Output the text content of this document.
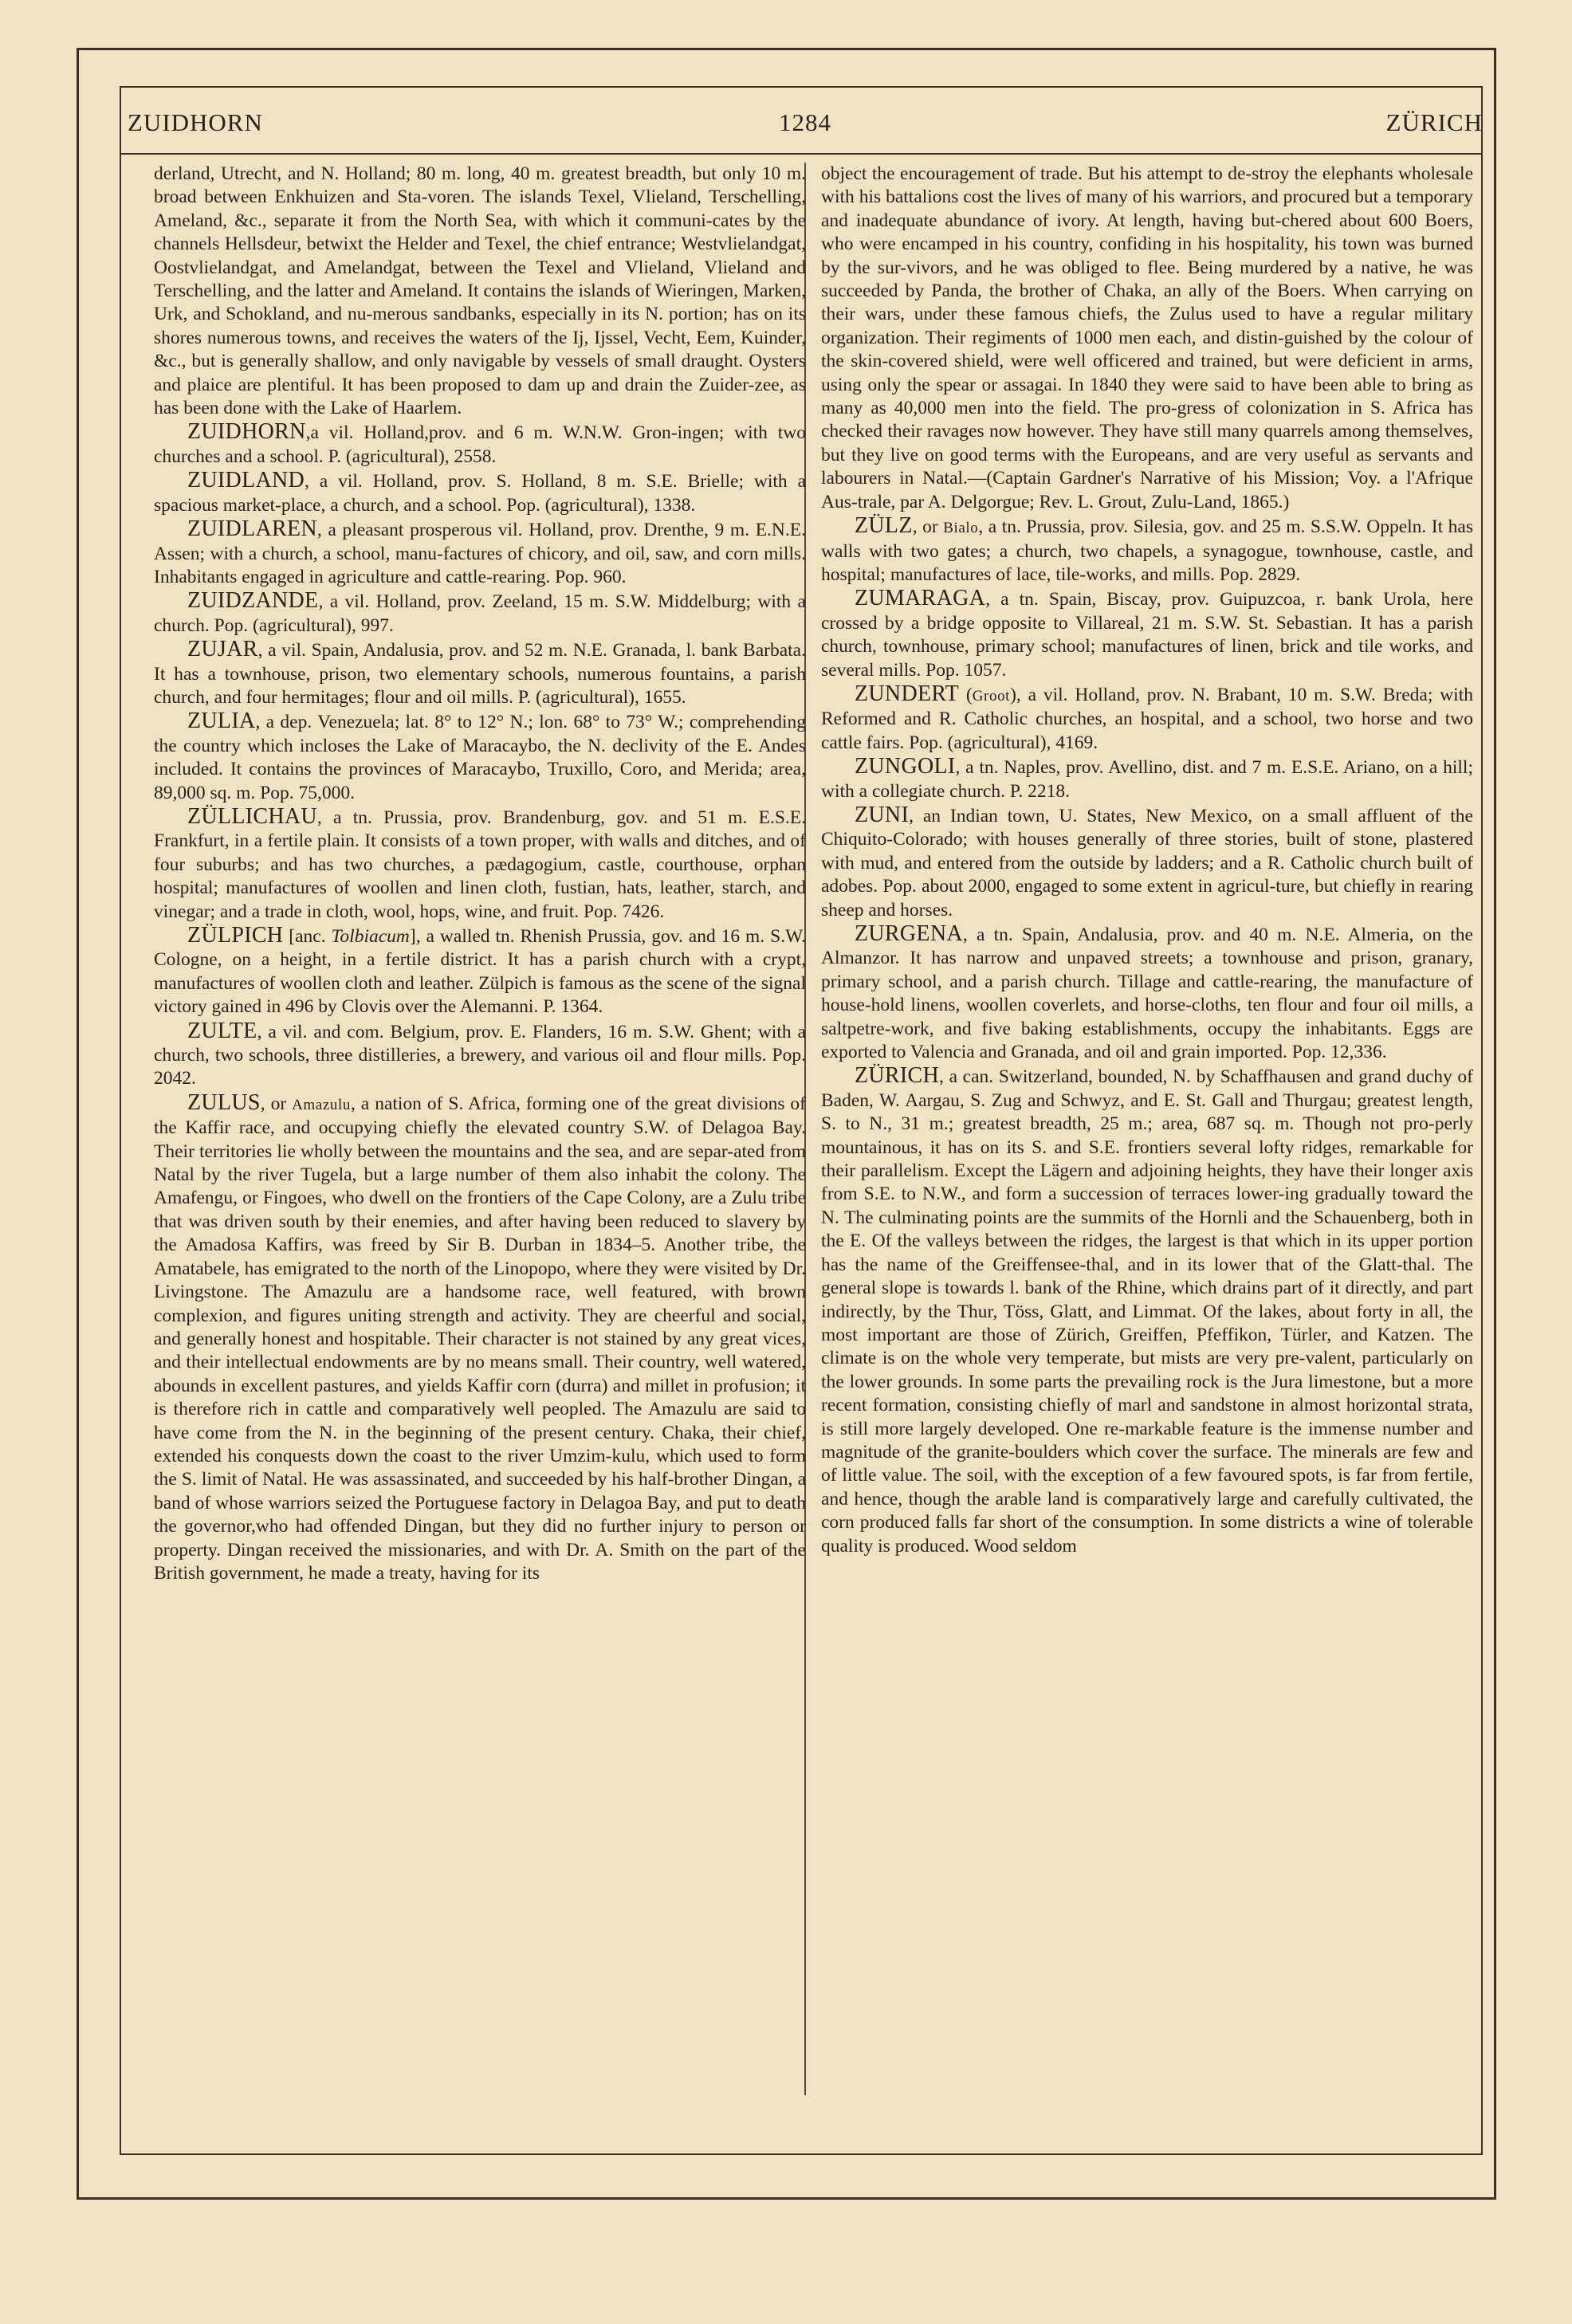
ZUIDHORN	1284	ZÜRICH

derland, Utrecht, and N. Holland; 80 m. long, 40 m. greatest breadth, but only 10 m. broad between Enkhuizen and Sta-voren. The islands Texel, Vlieland, Terschelling, Ameland, &c., separate it from the North Sea, with which it communi-cates by the channels Hellsdeur, betwixt the Helder and Texel, the chief entrance; Westvlielandgat, Oostvlielandgat, and Amelandgat, between the Texel and Vlieland, Vlieland and Terschelling, and the latter and Ameland. It contains the islands of Wieringen, Marken, Urk, and Schokland, and nu-merous sandbanks, especially in its N. portion; has on its shores numerous towns, and receives the waters of the Ij, Ijssel, Vecht, Eem, Kuinder, &c., but is generally shallow, and only navigable by vessels of small draught. Oysters and plaice are plentiful. It has been proposed to dam up and drain the Zuider-zee, as has been done with the Lake of Haarlem.

ZUIDHORN,a vil. Holland,prov. and 6 m. W.N.W. Gron-ingen; with two churches and a school. P. (agricultural), 2558.

ZUIDLAND, a vil. Holland, prov. S. Holland, 8 m. S.E. Brielle; with a spacious market-place, a church, and a school. Pop. (agricultural), 1338.

ZUIDLAREN, a pleasant prosperous vil. Holland, prov. Drenthe, 9 m. E.N.E. Assen; with a church, a school, manu-factures of chicory, and oil, saw, and corn mills. Inhabitants engaged in agriculture and cattle-rearing. Pop. 960.

ZUIDZANDE, a vil. Holland, prov. Zeeland, 15 m. S.W. Middelburg; with a church. Pop. (agricultural), 997.

ZUJAR, a vil. Spain, Andalusia, prov. and 52 m. N.E. Granada, l. bank Barbata. It has a townhouse, prison, two elementary schools, numerous fountains, a parish church, and four hermitages; flour and oil mills. P. (agricultural), 1655.

ZULIA, a dep. Venezuela; lat. 8° to 12° N.; lon. 68° to 73° W.; comprehending the country which incloses the Lake of Maracaybo, the N. declivity of the E. Andes included. It contains the provinces of Maracaybo, Truxillo, Coro, and Merida; area, 89,000 sq. m. Pop. 75,000.

ZÜLLICHAU, a tn. Prussia, prov. Brandenburg, gov. and 51 m. E.S.E. Frankfurt, in a fertile plain. It consists of a town proper, with walls and ditches, and of four suburbs; and has two churches, a pædagogium, castle, courthouse, orphan hospital; manufactures of woollen and linen cloth, fustian, hats, leather, starch, and vinegar; and a trade in cloth, wool, hops, wine, and fruit. Pop. 7426.

ZÜLPICH [anc. Tolbiacum], a walled tn. Rhenish Prussia, gov. and 16 m. S.W. Cologne, on a height, in a fertile district. It has a parish church with a crypt, manufactures of woollen cloth and leather. Zülpich is famous as the scene of the signal victory gained in 496 by Clovis over the Alemanni. P. 1364.

ZULTE, a vil. and com. Belgium, prov. E. Flanders, 16 m. S.W. Ghent; with a church, two schools, three distilleries, a brewery, and various oil and flour mills. Pop. 2042.

ZULUS, or Amazulu, a nation of S. Africa, forming one of the great divisions of the Kaffir race, and occupying chiefly the elevated country S.W. of Delagoa Bay. Their territories lie wholly between the mountains and the sea, and are separ-ated from Natal by the river Tugela, but a large number of them also inhabit the colony. The Amafengu, or Fingoes, who dwell on the frontiers of the Cape Colony, are a Zulu tribe that was driven south by their enemies, and after having been reduced to slavery by the Amadosa Kaffirs, was freed by Sir B. Durban in 1834–5. Another tribe, the Amatabele, has emigrated to the north of the Linopopo, where they were visited by Dr. Livingstone. The Amazulu are a handsome race, well featured, with brown complexion, and figures uniting strength and activity. They are cheerful and social, and generally honest and hospitable. Their character is not stained by any great vices, and their intellectual endowments are by no means small. Their country, well watered, abounds in excellent pastures, and yields Kaffir corn (durra) and millet in profusion; it is therefore rich in cattle and comparatively well peopled. The Amazulu are said to have come from the N. in the beginning of the present century. Chaka, their chief, extended his conquests down the coast to the river Umzim-kulu, which used to form the S. limit of Natal. He was assassinated, and succeeded by his half-brother Dingan, a band of whose warriors seized the Portuguese factory in Delagoa Bay, and put to death the governor,who had offended Dingan, but they did no further injury to person or property. Dingan received the missionaries, and with Dr. A. Smith on the part of the British government, he made a treaty, having for its

object the encouragement of trade. But his attempt to de-stroy the elephants wholesale with his battalions cost the lives of many of his warriors, and procured but a temporary and inadequate abundance of ivory. At length, having but-chered about 600 Boers, who were encamped in his country, confiding in his hospitality, his town was burned by the sur-vivors, and he was obliged to flee. Being murdered by a native, he was succeeded by Panda, the brother of Chaka, an ally of the Boers. When carrying on their wars, under these famous chiefs, the Zulus used to have a regular military organization. Their regiments of 1000 men each, and distin-guished by the colour of the skin-covered shield, were well officered and trained, but were deficient in arms, using only the spear or assagai. In 1840 they were said to have been able to bring as many as 40,000 men into the field. The pro-gress of colonization in S. Africa has checked their ravages now however. They have still many quarrels among themselves, but they live on good terms with the Europeans, and are very useful as servants and labourers in Natal.—(Captain Gardner's Narrative of his Mission; Voy. a l'Afrique Aus-trale, par A. Delgorgue; Rev. L. Grout, Zulu-Land, 1865.)

ZÜLZ, or Bialo, a tn. Prussia, prov. Silesia, gov. and 25 m. S.S.W. Oppeln. It has walls with two gates; a church, two chapels, a synagogue, townhouse, castle, and hospital; manufactures of lace, tile-works, and mills. Pop. 2829.

ZUMARAGA, a tn. Spain, Biscay, prov. Guipuzcoa, r. bank Urola, here crossed by a bridge opposite to Villareal, 21 m. S.W. St. Sebastian. It has a parish church, townhouse, primary school; manufactures of linen, brick and tile works, and several mills. Pop. 1057.

ZUNDERT (Groot), a vil. Holland, prov. N. Brabant, 10 m. S.W. Breda; with Reformed and R. Catholic churches, an hospital, and a school, two horse and two cattle fairs. Pop. (agricultural), 4169.

ZUNGOLI, a tn. Naples, prov. Avellino, dist. and 7 m. E.S.E. Ariano, on a hill; with a collegiate church. P. 2218.

ZUNI, an Indian town, U. States, New Mexico, on a small affluent of the Chiquito-Colorado; with houses generally of three stories, built of stone, plastered with mud, and entered from the outside by ladders; and a R. Catholic church built of adobes. Pop. about 2000, engaged to some extent in agricul-ture, but chiefly in rearing sheep and horses.

ZURGENA, a tn. Spain, Andalusia, prov. and 40 m. N.E. Almeria, on the Almanzor. It has narrow and unpaved streets; a townhouse and prison, granary, primary school, and a parish church. Tillage and cattle-rearing, the manufacture of house-hold linens, woollen coverlets, and horse-cloths, ten flour and four oil mills, a saltpetre-work, and five baking establishments, occupy the inhabitants. Eggs are exported to Valencia and Granada, and oil and grain imported. Pop. 12,336.

ZÜRICH, a can. Switzerland, bounded, N. by Schaffhausen and grand duchy of Baden, W. Aargau, S. Zug and Schwyz, and E. St. Gall and Thurgau; greatest length, S. to N., 31 m.; greatest breadth, 25 m.; area, 687 sq. m. Though not pro-perly mountainous, it has on its S. and S.E. frontiers several lofty ridges, remarkable for their parallelism. Except the Lägern and adjoining heights, they have their longer axis from S.E. to N.W., and form a succession of terraces lower-ing gradually toward the N. The culminating points are the summits of the Hornli and the Schauenberg, both in the E. Of the valleys between the ridges, the largest is that which in its upper portion has the name of the Greiffensee-thal, and in its lower that of the Glatt-thal. The general slope is towards l. bank of the Rhine, which drains part of it directly, and part indirectly, by the Thur, Töss, Glatt, and Limmat. Of the lakes, about forty in all, the most important are those of Zürich, Greiffen, Pfeffikon, Türler, and Katzen. The climate is on the whole very temperate, but mists are very pre-valent, particularly on the lower grounds. In some parts the prevailing rock is the Jura limestone, but a more recent formation, consisting chiefly of marl and sandstone in almost horizontal strata, is still more largely developed. One re-markable feature is the immense number and magnitude of the granite-boulders which cover the surface. The minerals are few and of little value. The soil, with the exception of a few favoured spots, is far from fertile, and hence, though the arable land is comparatively large and carefully cultivated, the corn produced falls far short of the consumption. In some districts a wine of tolerable quality is produced. Wood seldom
